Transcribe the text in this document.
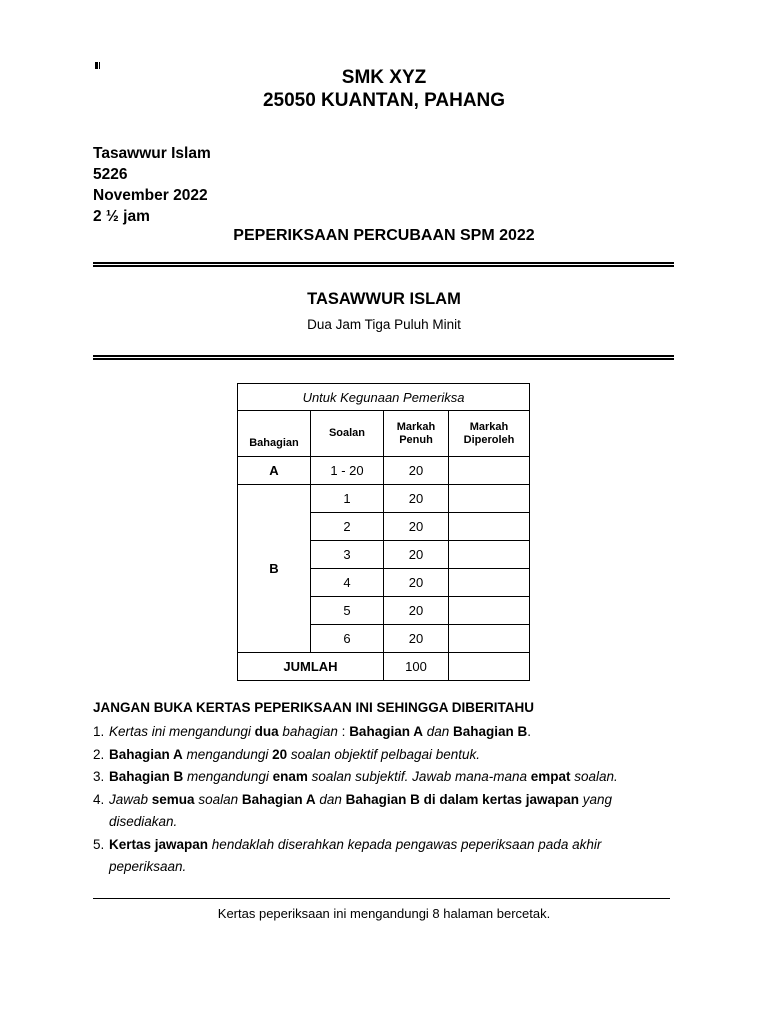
SMK XYZ
25050 KUANTAN, PAHANG
Tasawwur Islam
5226
November 2022
2 ½ jam
PEPERIKSAAN PERCUBAAN SPM 2022
TASAWWUR ISLAM
Dua Jam Tiga Puluh Minit
Untuk Kegunaan Pemeriksa			
Bahagian	Soalan	Markah Penuh	Markah Diperoleh
A	1 - 20	20	
B	1	20	
	2	20	
	3	20	
	4	20	
	5	20	
	6	20	
JUMLAH		100	
JANGAN BUKA KERTAS PEPERIKSAAN INI SEHINGGA DIBERITAHU
1. Kertas ini mengandungi dua bahagian : Bahagian A dan Bahagian B.
2. Bahagian A mengandungi 20 soalan objektif pelbagai bentuk.
3. Bahagian B mengandungi enam soalan subjektif. Jawab mana-mana empat soalan.
4. Jawab semua soalan Bahagian A dan Bahagian B di dalam kertas jawapan yang disediakan.
5. Kertas jawapan hendaklah diserahkan kepada pengawas peperiksaan pada akhir peperiksaan.
Kertas peperiksaan ini mengandungi 8 halaman bercetak.
